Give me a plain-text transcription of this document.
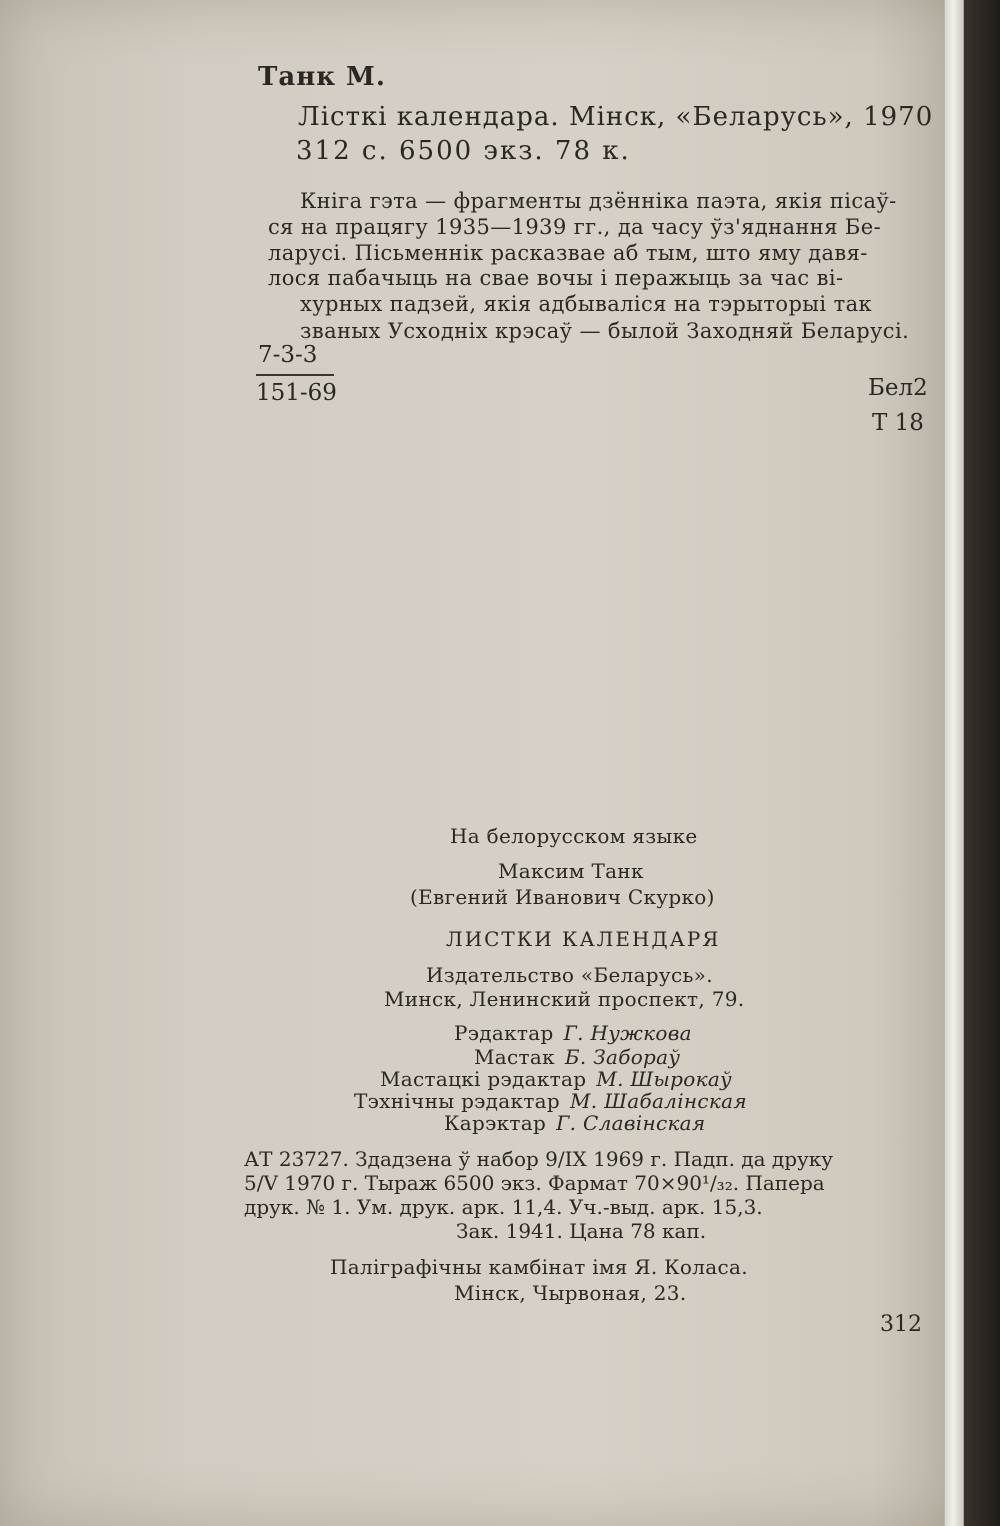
Танк М.

Лісткі календара. Мінск, «Беларусь», 1970

312 с. 6500 экз. 78 к.

Кніга гэта — фрагменты дзённіка паэта, якія пісаў-

ся на працягу 1935—1939 гг., да часу ўз'яднання Бе-

ларусі. Пісьменнік расказвае аб тым, што яму давя-

лося пабачыць на свае вочы і перажыць за час ві-

хурных падзей, якія адбываліся на тэрыторыі так

званых Усходніх крэсаў — былой Заходняй Беларусі.

7-3-3

151-69	Бел2

Т 18

На белорусском языке

Максим Танк

(Евгений Иванович Скурко)

ЛИСТКИ КАЛЕНДАРЯ

Издательство «Беларусь».

Минск, Ленинский проспект, 79.

Рэдактар Г. Нужкова

Мастак Б. Забораў

Мастацкі рэдактар М. Шырокаў

Тэхнічны рэдактар М. Шабалінская

Карэктар Г. Славінская

АТ 23727. Здадзена ў набор 9/IX 1969 г. Падп. да друку

5/V 1970 г. Тыраж 6500 экз. Фармат 70×90¹/₃₂. Папера

друк. № 1. Ум. друк. арк. 11,4. Уч.-выд. арк. 15,3.

Зак. 1941. Цана 78 кап.

Паліграфічны камбінат імя Я. Коласа.

Мінск, Чырвоная, 23.

312
